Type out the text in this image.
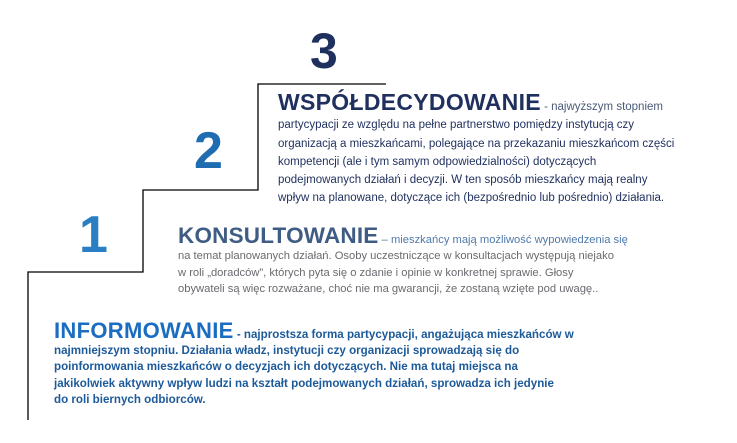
3
2
1
WSPÓŁDECYDOWANIE - najwyższym stopniem
partycypacji ze względu na pełne partnerstwo pomiędzy instytucją czy
organizacją a mieszkańcami, polegające na przekazaniu mieszkańcom części
kompetencji (ale i tym samym odpowiedzialności) dotyczących
podejmowanych działań i decyzji. W ten sposób mieszkańcy mają realny
wpływ na planowane, dotyczące ich (bezpośrednio lub pośrednio) działania.
KONSULTOWANIE – mieszkańcy mają możliwość wypowiedzenia się
na temat planowanych działań. Osoby uczestniczące w konsultacjach występują niejako
w roli „doradców”, których pyta się o zdanie i opinie w konkretnej sprawie. Głosy
obywateli są więc rozważane, choć nie ma gwarancji, że zostaną wzięte pod uwagę..
INFORMOWANIE - najprostsza forma partycypacji, angażująca mieszkańców w
najmniejszym stopniu. Działania władz, instytucji czy organizacji sprowadzają się do
poinformowania mieszkańców o decyzjach ich dotyczących. Nie ma tutaj miejsca na
jakikolwiek aktywny wpływ ludzi na kształt podejmowanych działań, sprowadza ich jedynie
do roli biernych odbiorców.
